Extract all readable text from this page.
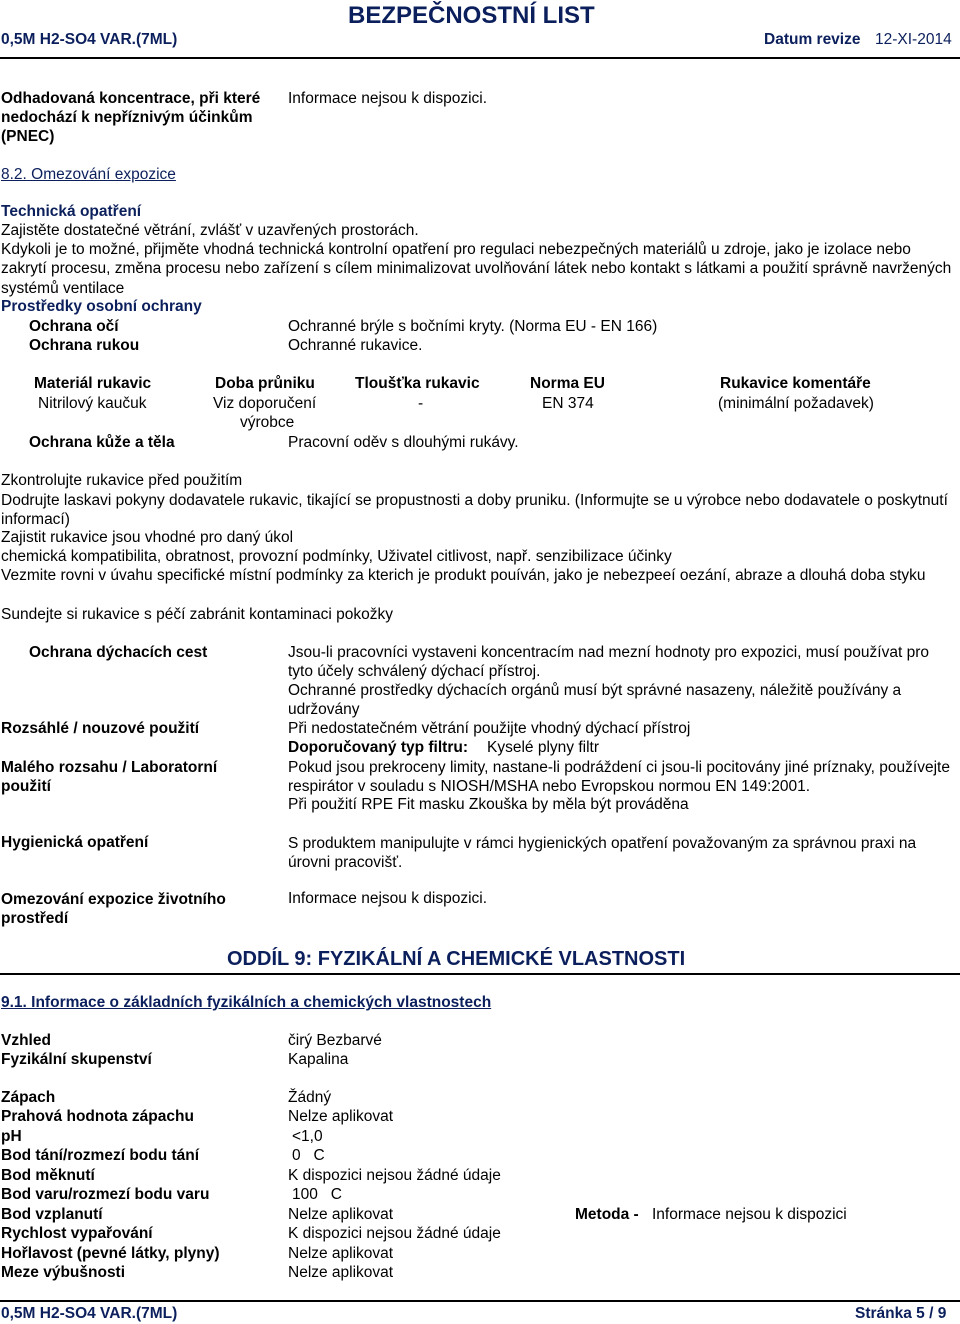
BEZPEČNOSTNÍ LIST
0,5M H2-SO4 VAR.(7ML)	Datum revize 12-XI-2014
Odhadovaná koncentrace, při které
nedochází k nepříznivým účinkům
(PNEC)
Informace nejsou k dispozici.
8.2. Omezování expozice
Technická opatření
Zajistěte dostatečné větrání, zvlášť v uzavřených prostorách.
Kdykoli je to možné, přijměte vhodná technická kontrolní opatření pro regulaci nebezpečných materiálů u zdroje, jako je izolace nebo zakrytí procesu, změna procesu nebo zařízení s cílem minimalizovat uvolňování látek nebo kontakt s látkami a použití správně navržených systémů ventilace
Prostředky osobní ochrany
Ochrana očí	Ochranné brýle s bočními kryty. (Norma EU - EN 166)
Ochrana rukou	Ochranné rukavice.
Materiál rukavic	Doba průniku	Tloušťka rukavic	Norma EU	Rukavice komentáře
Nitrilový kaučuk	Viz doporučení	-	EN 374	(minimální požadavek)
výrobce
Ochrana kůže a těla	Pracovní oděv s dlouhými rukávy.
Zkontrolujte rukavice před použitím
Dodrujte laskavi pokyny dodavatele rukavic, tikající se propustnosti a doby pruniku. (Informujte se u výrobce nebo dodavatele o poskytnutí informací)
Zajistit rukavice jsou vhodné pro daný úkol
chemická kompatibilita, obratnost, provozní podmínky, Uživatel citlivost, např. senzibilizace účinky
Vezmite rovni v úvahu specifické místní podmínky za kterich je produkt pouíván, jako je nebezpeeí oezání, abraze a dlouhá doba styku
Sundejte si rukavice s péčí zabránit kontaminaci pokožky
Ochrana dýchacích cest	Jsou-li pracovníci vystaveni koncentracím nad mezní hodnoty pro expozici, musí používat pro tyto účely schválený dýchací přístroj.
Ochranné prostředky dýchacích orgánů musí být správné nasazeny, náležitě používány a udržovány
Rozsáhlé / nouzové použití	Při nedostatečném větrání použijte vhodný dýchací přístroj
Doporučovaný typ filtru: Kyselé plyny filtr
Malého rozsahu / Laboratorní použití
Pokud jsou prekroceny limity, nastane-li podráždení ci jsou-li pocitovány jiné príznaky, používejte respirátor v souladu s NIOSH/MSHA nebo Evropskou normou EN 149:2001.
Při použití RPE Fit masku Zkouška by měla být prováděna
Hygienická opatření	S produktem manipulujte v rámci hygienických opatření považovaným za správnou praxi na úrovni pracovišť.
Omezování expozice životního prostředí
Informace nejsou k dispozici.
ODDÍL 9: FYZIKÁLNÍ A CHEMICKÉ VLASTNOSTI
9.1. Informace o základních fyzikálních a chemických vlastnostech
Vzhled	čirý Bezbarvé
Fyzikální skupenství	Kapalina
Zápach	Žádný
Prahová hodnota zápachu	Nelze aplikovat
pH	<1,0
Bod tání/rozmezí bodu tání	0   C
Bod měknutí	K dispozici nejsou žádné údaje
Bod varu/rozmezí bodu varu	100   C
Bod vzplanutí	Nelze aplikovat
Rychlost vypařování	K dispozici nejsou žádné údaje
Hořlavost (pevné látky, plyny)	Nelze aplikovat
Meze výbušnosti	Nelze aplikovat
Metoda - Informace nejsou k dispozici
0,5M H2-SO4 VAR.(7ML)	Stránka 5 / 9
